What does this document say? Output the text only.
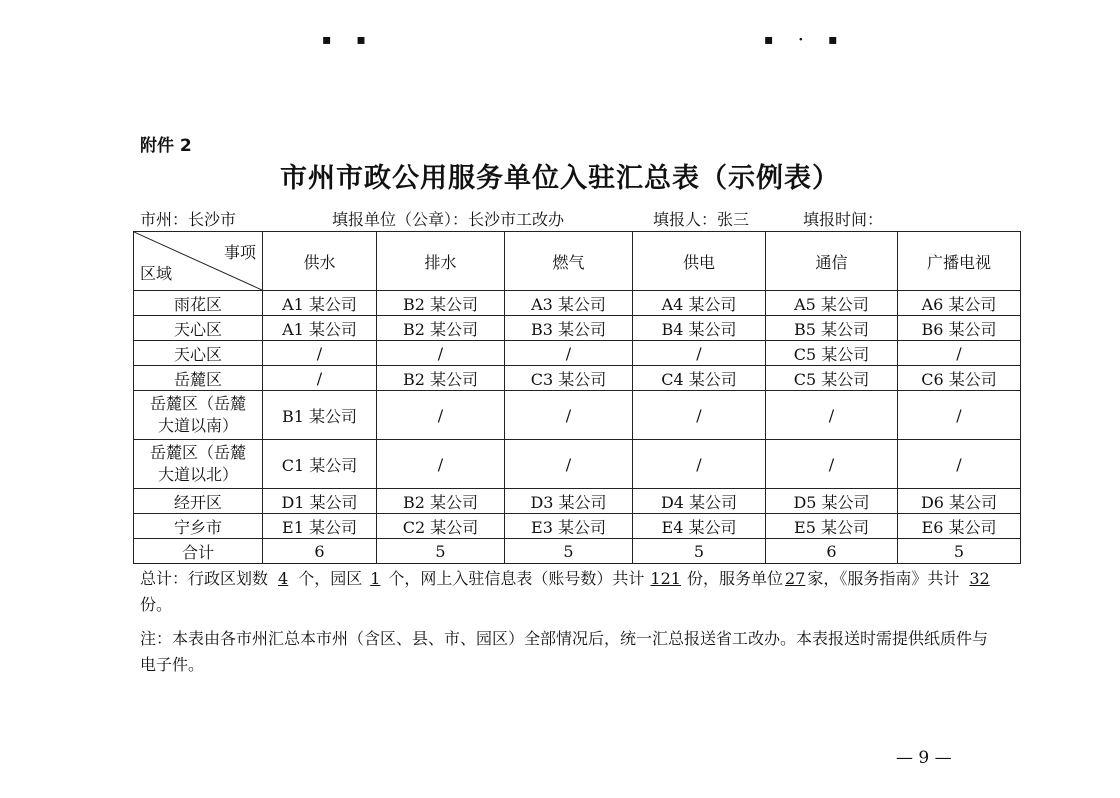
▪ ▪	▪ · ▪
附件 2
市州市政公用服务单位入驻汇总表（示例表）
市州：长沙市	填报单位（公章）：长沙市工改办	填报人：张三	填报时间：
事项
区域	供水	排水	燃气	供电	通信	广播电视
雨花区	A1 某公司	B2 某公司	A3 某公司	A4 某公司	A5 某公司	A6 某公司
天心区	A1 某公司	B2 某公司	B3 某公司	B4 某公司	B5 某公司	B6 某公司
天心区	/	/	/	/	C5 某公司	/
岳麓区	/	B2 某公司	C3 某公司	C4 某公司	C5 某公司	C6 某公司
岳麓区（岳麓大道以南）	B1 某公司	/	/	/	/	/
岳麓区（岳麓大道以北）	C1 某公司	/	/	/	/	/
经开区	D1 某公司	B2 某公司	D3 某公司	D4 某公司	D5 某公司	D6 某公司
宁乡市	E1 某公司	C2 某公司	E3 某公司	E4 某公司	E5 某公司	E6 某公司
合计	6	5	5	5	6	5
总计：行政区划数 4 个，园区 1 个，网上入驻信息表（账号数）共计 121 份，服务单位 27 家，《服务指南》共计 32份。
注：本表由各市州汇总本市州（含区、县、市、园区）全部情况后，统一汇总报送省工改办。本表报送时需提供纸质件与电子件。
— 9 —
